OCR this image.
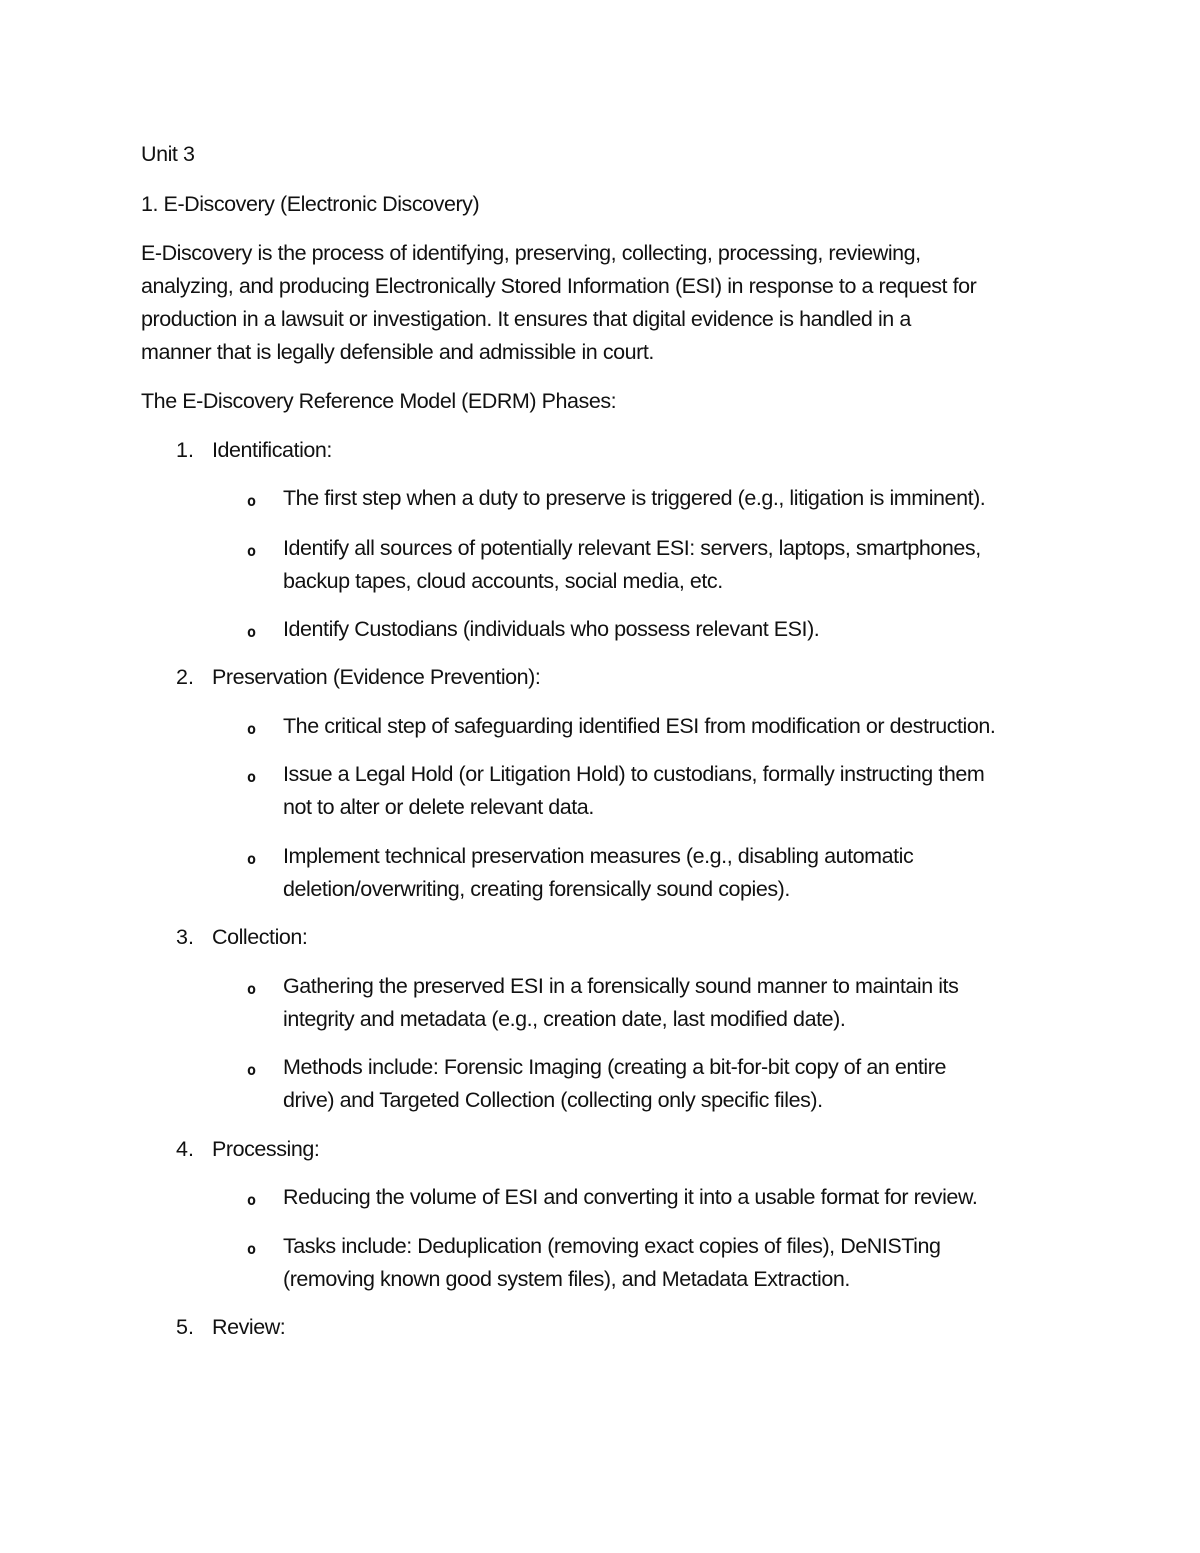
Unit 3
1. E-Discovery (Electronic Discovery)
E-Discovery is the process of identifying, preserving, collecting, processing, reviewing,
analyzing, and producing Electronically Stored Information (ESI) in response to a request for
production in a lawsuit or investigation. It ensures that digital evidence is handled in a
manner that is legally defensible and admissible in court.
The E-Discovery Reference Model (EDRM) Phases:
1. Identification:
o The first step when a duty to preserve is triggered (e.g., litigation is imminent).
o Identify all sources of potentially relevant ESI: servers, laptops, smartphones,
backup tapes, cloud accounts, social media, etc.
o Identify Custodians (individuals who possess relevant ESI).
2. Preservation (Evidence Prevention):
o The critical step of safeguarding identified ESI from modification or destruction.
o Issue a Legal Hold (or Litigation Hold) to custodians, formally instructing them
not to alter or delete relevant data.
o Implement technical preservation measures (e.g., disabling automatic
deletion/overwriting, creating forensically sound copies).
3. Collection:
o Gathering the preserved ESI in a forensically sound manner to maintain its
integrity and metadata (e.g., creation date, last modified date).
o Methods include: Forensic Imaging (creating a bit-for-bit copy of an entire
drive) and Targeted Collection (collecting only specific files).
4. Processing:
o Reducing the volume of ESI and converting it into a usable format for review.
o Tasks include: Deduplication (removing exact copies of files), DeNISTing
(removing known good system files), and Metadata Extraction.
5. Review:
